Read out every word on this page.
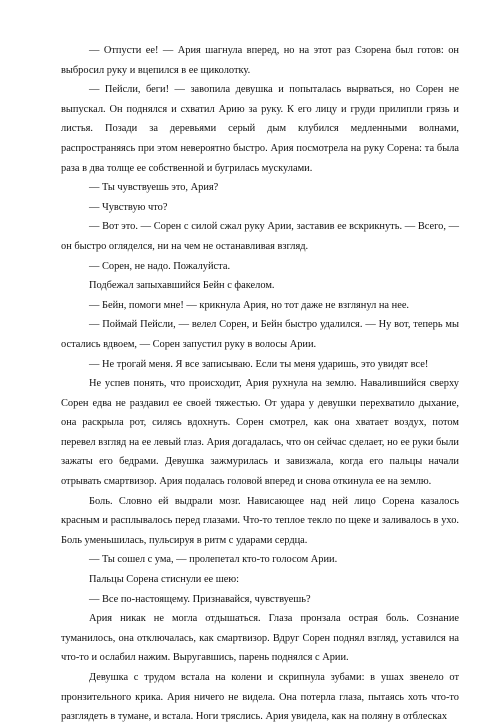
— Отпусти ее! — Ария шагнула вперед, но на этот раз Сзорена был готов: он выбросил руку и вцепился в ее щиколотку.

— Пейсли, беги! — завопила девушка и попыталась вырваться, но Сорен не выпускал. Он поднялся и схватил Арию за руку. К его лицу и груди прилипли грязь и листья. Позади за деревьями серый дым клубился медленными волнами, распространяясь при этом невероятно быстро. Ария посмотрела на руку Сорена: та была раза в два толще ее собственной и бугрилась мускулами.

— Ты чувствуешь это, Ария?

— Чувствую что?

— Вот это. — Сорен с силой сжал руку Арии, заставив ее вскрикнуть. — Всего, — он быстро огляделся, ни на чем не останавливая взгляд.

— Сорен, не надо. Пожалуйста.

Подбежал запыхавшийся Бейн с факелом.

— Бейн, помоги мне! — крикнула Ария, но тот даже не взглянул на нее.

— Поймай Пейсли, — велел Сорен, и Бейн быстро удалился. — Ну вот, теперь мы остались вдвоем, — Сорен запустил руку в волосы Арии.

— Не трогай меня. Я все записываю. Если ты меня ударишь, это увидят все!

Не успев понять, что происходит, Ария рухнула на землю. Навалившийся сверху Сорен едва не раздавил ее своей тяжестью. От удара у девушки перехватило дыхание, она раскрыла рот, силясь вдохнуть. Сорен смотрел, как она хватает воздух, потом перевел взгляд на ее левый глаз. Ария догадалась, что он сейчас сделает, но ее руки были зажаты его бедрами. Девушка зажмурилась и завизжала, когда его пальцы начали отрывать смартвизор. Ария подалась головой вперед и снова откинула ее на землю.

Боль. Словно ей выдрали мозг. Нависающее над ней лицо Сорена казалось красным и расплывалось перед глазами. Что-то теплое текло по щеке и заливалось в ухо. Боль уменьшилась, пульсируя в ритм с ударами сердца.

— Ты сошел с ума, — пролепетал кто-то голосом Арии.

Пальцы Сорена стиснули ее шею:

— Все по-настоящему. Признавайся, чувствуешь?

Ария никак не могла отдышаться. Глаза пронзала острая боль. Сознание туманилось, она отключалась, как смартвизор. Вдруг Сорен поднял взгляд, уставился на что-то и ослабил нажим. Выругавшись, парень поднялся с Арии.

Девушка с трудом встала на колени и скрипнула зубами: в ушах звенело от пронзительного крика. Ария ничего не видела. Она потерла глаза, пытаясь хоть что-то разглядеть в тумане, и встала. Ноги тряслись. Ария увидела, как на поляну в отблесках
